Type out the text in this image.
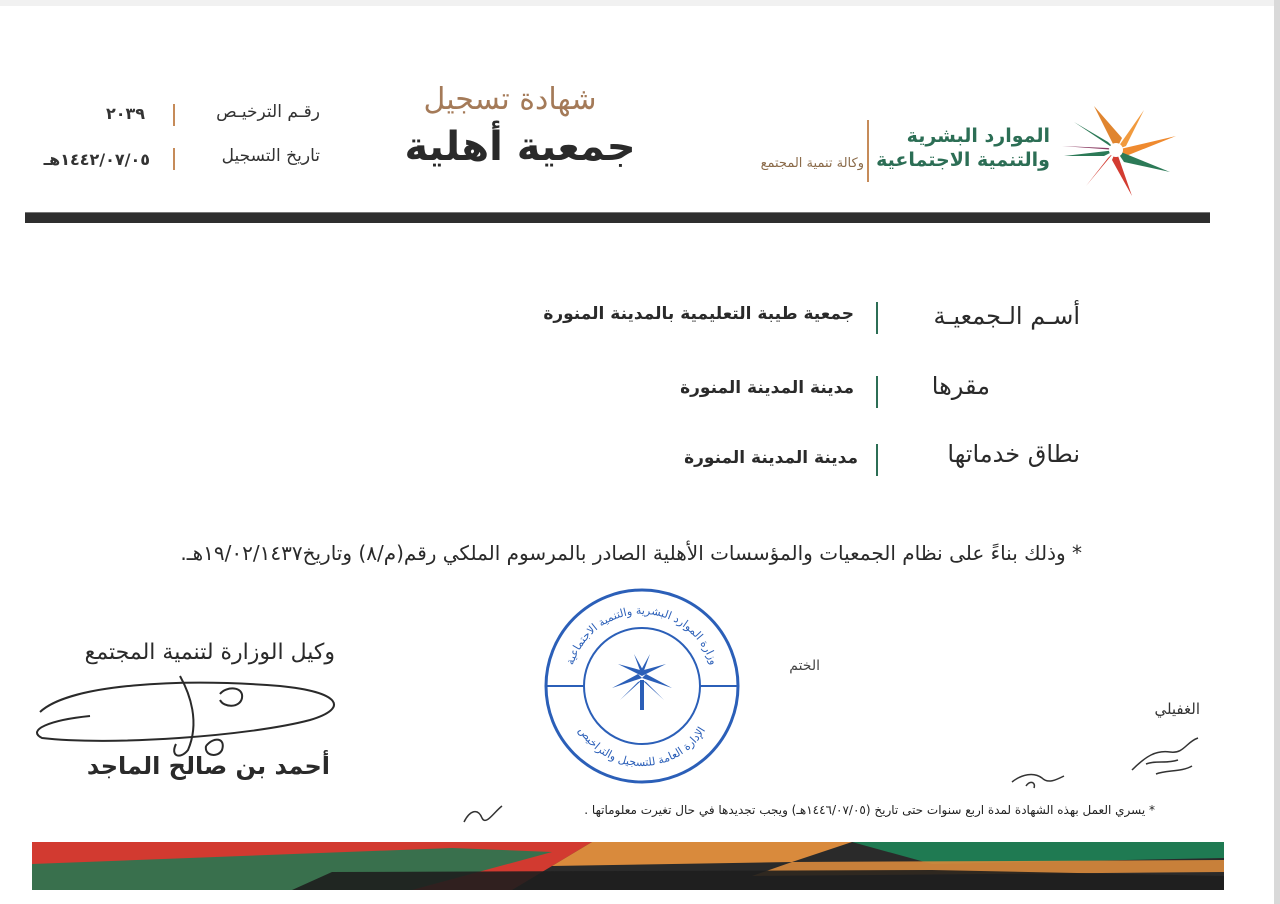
الموارد البشرية
والتنمية الاجتماعية
وكالة تنمية المجتمع
شهادة تسجيل
جمعية أهلية
رقـم الترخيـص
٢٠٣٩
تاريخ التسجيل
١٤٤٢/٠٧/٠٥هـ
أسـم الـجمعيـة
جمعية طيبة التعليمية بالمدينة المنورة
مقرها
مدينة المدينة المنورة
نطاق خدماتها
مدينة المدينة المنورة
* وذلك بناءً على نظام الجمعيات والمؤسسات الأهلية الصادر بالمرسوم الملكي رقم(م/٨) وتاريخ١٩/٠٢/١٤٣٧هـ.
وزارة الموارد البشرية والتنمية الاجتماعية
الإدارة العامة للتسجيل والتراخيص
الختم
وكيل الوزارة لتنمية المجتمع
أحمد بن صالح الماجد
الغفيلي
* يسري العمل بهذه الشهادة لمدة اربع سنوات حتى تاريخ (١٤٤٦/٠٧/٠٥هـ) ويجب تجديدها في حال تغيرت معلوماتها .
